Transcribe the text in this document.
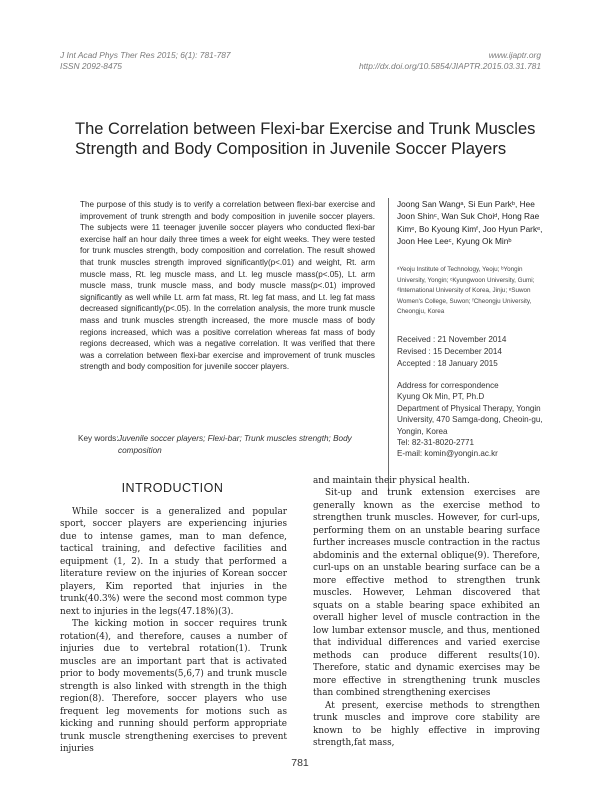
J Int Acad Phys Ther Res 2015; 6(1): 781-787
ISSN 2092-8475
www.ijaptr.org
http://dx.doi.org/10.5854/JIAPTR.2015.03.31.781
The Correlation between Flexi-bar Exercise and Trunk Muscles Strength and Body Composition in Juvenile Soccer Players
The purpose of this study is to verify a correlation between flexi-bar exercise and improvement of trunk strength and body composition in juvenile soccer players. The subjects were 11 teenager juvenile soccer players who conducted flexi-bar exercise half an hour daily three times a week for eight weeks. They were tested for trunk muscles strength, body composition and correlation. The result showed that trunk muscles strength improved significantly(p<.01) and weight, Rt. arm muscle mass, Rt. leg muscle mass, and Lt. leg muscle mass(p<.05), Lt. arm muscle mass, trunk muscle mass, and body muscle mass(p<.01) improved significantly as well while Lt. arm fat mass, Rt. leg fat mass, and Lt. leg fat mass decreased significantly(p<.05). In the correlation analysis, the more trunk muscle mass and trunk muscles strength increased, the more muscle mass of body regions increased, which was a positive correlation whereas fat mass of body regions decreased, which was a negative correlation. It was verified that there was a correlation between flexi-bar exercise and improvement of trunk muscles strength and body composition for juvenile soccer players.
Joong San Wangᵃ, Si Eun Parkᵇ, Hee Joon Shinᶜ, Wan Suk Choiᵈ, Hong Rae Kimᵉ, Bo Kyoung Kimᶠ, Joo Hyun Parkᵉ, Joon Hee Leeᶜ, Kyung Ok Minᵇ
ᵃYeoju Institute of Technology, Yeoju; ᵇYongin University, Yongin; ᶜKyungwoon University, Gumi; ᵈInternational University of Korea, Jinju; ᵉSuwon Women's College, Suwon; ᶠCheongju University, Cheongju, Korea
Received : 21 November 2014
Revised : 15 December 2014
Accepted : 18 January 2015
Address for correspondence
Kyung Ok Min, PT, Ph.D
Department of Physical Therapy, Yongin University, 470 Samga-dong, Cheoin-gu, Yongin, Korea
Tel: 82-31-8020-2771
E-mail: komin@yongin.ac.kr
Key words: Juvenile soccer players; Flexi-bar; Trunk muscles strength; Body composition
INTRODUCTION

While soccer is a generalized and popular sport, soccer players are experiencing injuries due to intense games, man to man defence, tactical training, and defective facilities and equipment (1, 2). In a study that performed a literature review on the injuries of Korean soccer players, Kim reported that injuries in the trunk(40.3%) were the second most common type next to injuries in the legs(47.18%)(3).

The kicking motion in soccer requires trunk rotation(4), and therefore, causes a number of injuries due to vertebral rotation(1). Trunk muscles are an important part that is activated prior to body movements(5,6,7) and trunk muscle strength is also linked with strength in the thigh region(8). Therefore, soccer players who use frequent leg movements for motions such as kicking and running should perform appropriate trunk muscle strengthening exercises to prevent injuries

and maintain their physical health.

Sit-up and trunk extension exercises are generally known as the exercise method to strengthen trunk muscles. However, for curl-ups, performing them on an unstable bearing surface further increases muscle contraction in the ractus abdominis and the external oblique(9). Therefore, curl-ups on an unstable bearing surface can be a more effective method to strengthen trunk muscles. However, Lehman discovered that squats on a stable bearing space exhibited an overall higher level of muscle contraction in the low lumbar extensor muscle, and thus, mentioned that individual differences and varied exercise methods can produce different results(10). Therefore, static and dynamic exercises may be more effective in strengthening trunk muscles than combined strengthening exercises

At present, exercise methods to strengthen trunk muscles and improve core stability are known to be highly effective in improving strength,fat mass,

781
